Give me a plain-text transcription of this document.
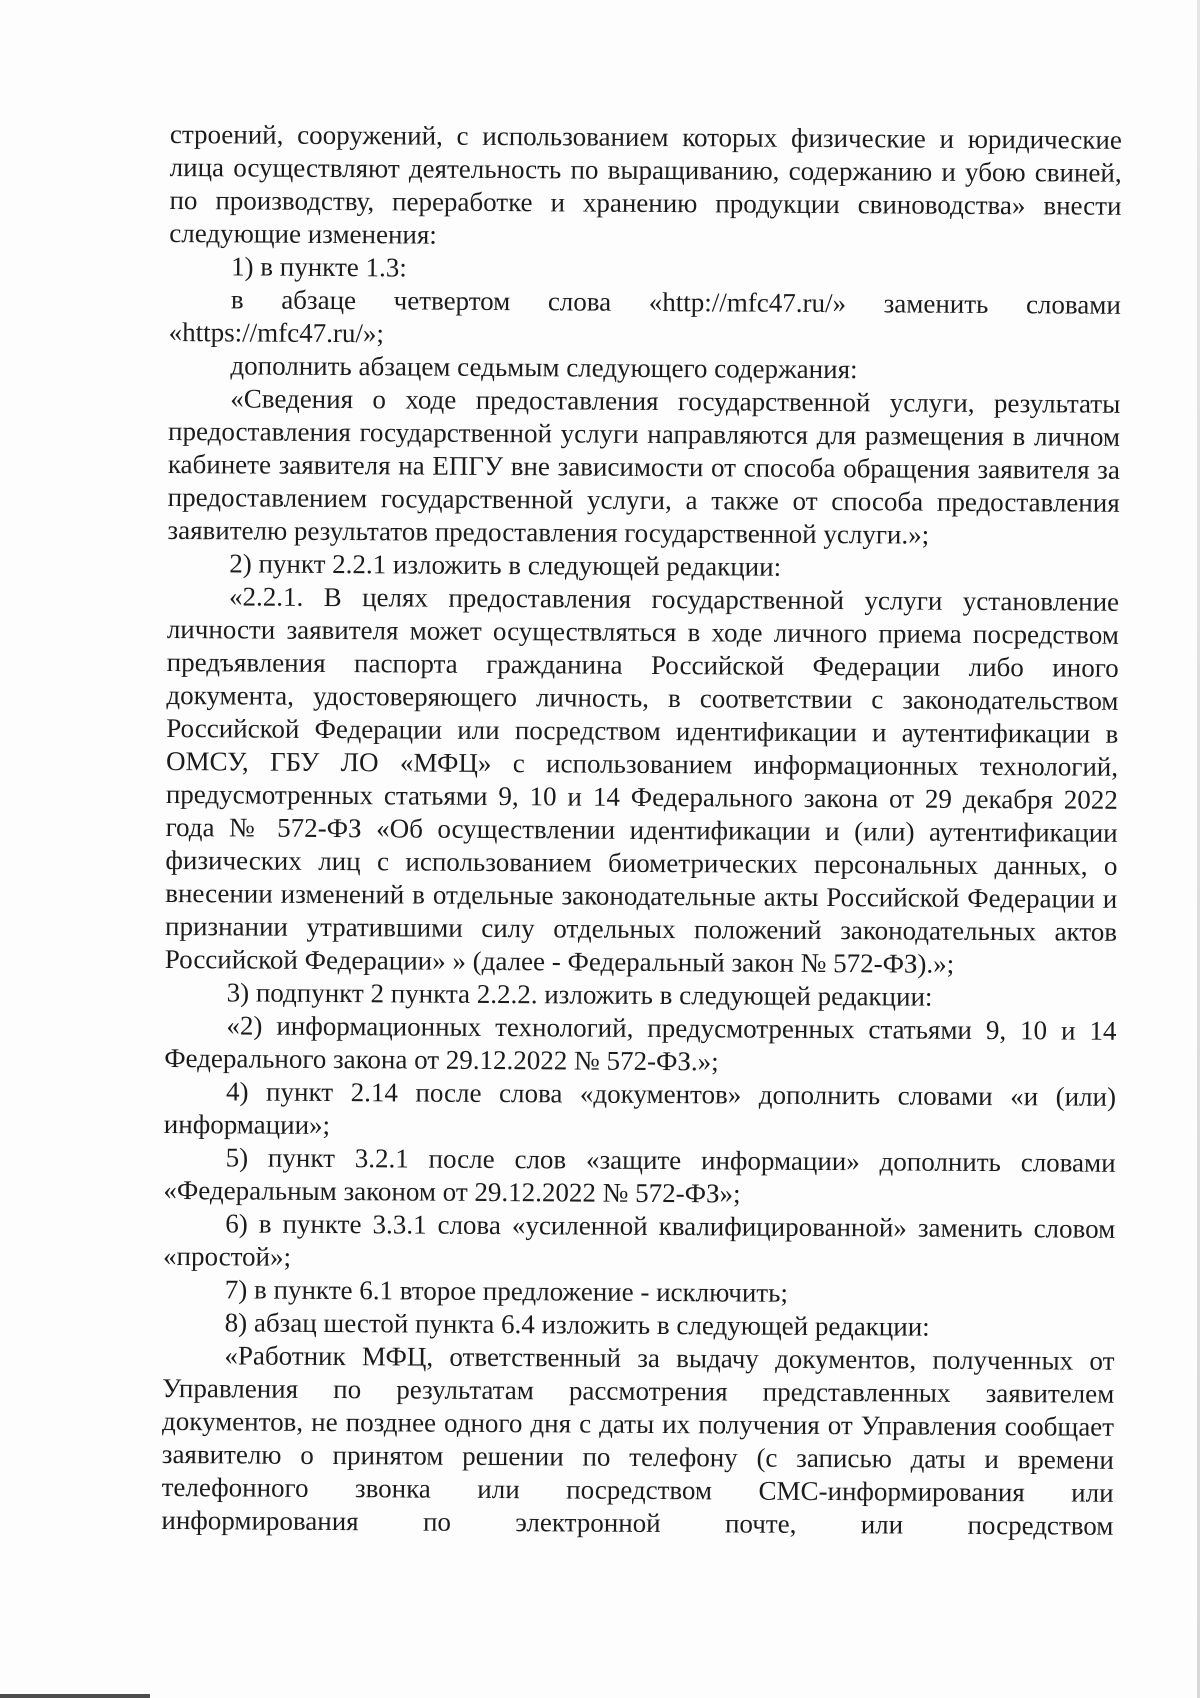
строений, сооружений, с использованием которых физические и юридические лица осуществляют деятельность по выращиванию, содержанию и убою свиней, по производству, переработке и хранению продукции свиноводства» внести следующие изменения:

1) в пункте 1.3:

в абзаце четвертом слова «http://mfc47.ru/» заменить словами «https://mfc47.ru/»;

дополнить абзацем седьмым следующего содержания:

«Сведения о ходе предоставления государственной услуги, результаты предоставления государственной услуги направляются для размещения в личном кабинете заявителя на ЕПГУ вне зависимости от способа обращения заявителя за предоставлением государственной услуги, а также от способа предоставления заявителю результатов предоставления государственной услуги.»;

2) пункт 2.2.1 изложить в следующей редакции:

«2.2.1. В целях предоставления государственной услуги установление личности заявителя может осуществляться в ходе личного приема посредством предъявления паспорта гражданина Российской Федерации либо иного документа, удостоверяющего личность, в соответствии с законодательством Российской Федерации или посредством идентификации и аутентификации в ОМСУ, ГБУ ЛО «МФЦ» с использованием информационных технологий, предусмотренных статьями 9, 10 и 14 Федерального закона от 29 декабря 2022 года № 572-ФЗ «Об осуществлении идентификации и (или) аутентификации физических лиц с использованием биометрических персональных данных, о внесении изменений в отдельные законодательные акты Российской Федерации и признании утратившими силу отдельных положений законодательных актов Российской Федерации» » (далее - Федеральный закон № 572-ФЗ).»;

3) подпункт 2 пункта 2.2.2. изложить в следующей редакции:

«2) информационных технологий, предусмотренных статьями 9, 10 и 14 Федерального закона от 29.12.2022 № 572-ФЗ.»;

4) пункт 2.14 после слова «документов» дополнить словами «и (или) информации»;

5) пункт 3.2.1 после слов «защите информации» дополнить словами «Федеральным законом от 29.12.2022 № 572-ФЗ»;

6) в пункте 3.3.1 слова «усиленной квалифицированной» заменить словом «простой»;

7) в пункте 6.1 второе предложение - исключить;

8) абзац шестой пункта 6.4 изложить в следующей редакции:

«Работник МФЦ, ответственный за выдачу документов, полученных от Управления по результатам рассмотрения представленных заявителем документов, не позднее одного дня с даты их получения от Управления сообщает заявителю о принятом решении по телефону (с записью даты и времени телефонного звонка или посредством СМС-информирования или информирования по электронной почте, или посредством
